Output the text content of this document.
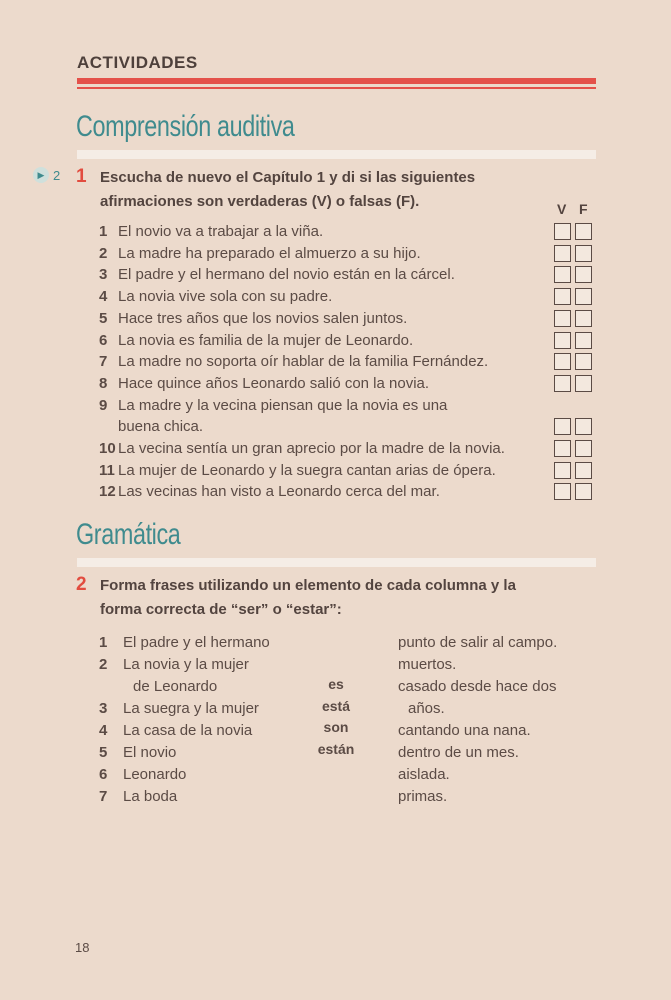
ACTIVIDADES
Comprensión auditiva
▶ 2 1 Escucha de nuevo el Capítulo 1 y di si las siguientes
afirmaciones son verdaderas (V) o falsas (F).	V F
Gramática
2 Forma frases utilizando un elemento de cada columna y la
forma correcta de “ser” o “estar”:
18
1 El novio va a trabajar a la viña.
2 La madre ha preparado el almuerzo a su hijo.
3 El padre y el hermano del novio están en la cárcel.
4 La novia vive sola con su padre.
5 Hace tres años que los novios salen juntos.
6 La novia es familia de la mujer de Leonardo.
7 La madre no soporta oír hablar de la familia Fernández.
8 Hace quince años Leonardo salió con la novia.
9 La madre y la vecina piensan que la novia es una
buena chica.
10 La vecina sentía un gran aprecio por la madre de la novia.
11 La mujer de Leonardo y la suegra cantan arias de ópera.
12 Las vecinas han visto a Leonardo cerca del mar.
1 El padre y el hermano
2 La novia y la mujer
de Leonardo
3 La suegra y la mujer
4 La casa de la novia
5 El novio
6 Leonardo
7 La boda
es
está
son
están
punto de salir al campo.
muertos.
casado desde hace dos
años.
cantando una nana.
dentro de un mes.
aislada.
primas.
